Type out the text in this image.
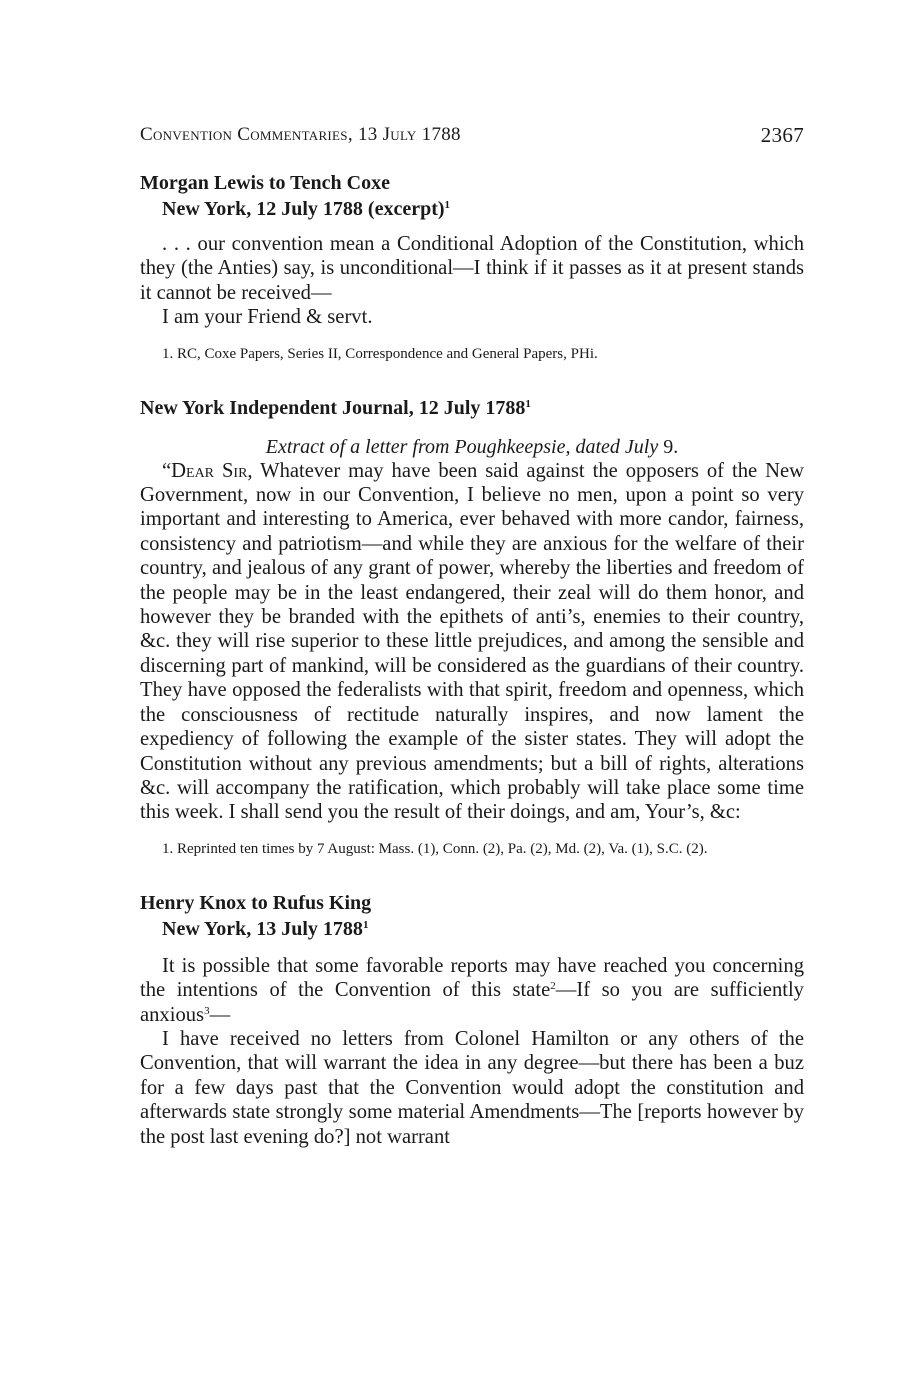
Convention Commentaries, 13 July 1788	2367
Morgan Lewis to Tench Coxe
New York, 12 July 1788 (excerpt)$^1$

. . . our convention mean a Conditional Adoption of the Constitution, which they (the Anties) say, is unconditional—I think if it passes as it at present stands it cannot be received—

I am your Friend & servt.

1. RC, Coxe Papers, Series II, Correspondence and General Papers, PHi.

New York Independent Journal, 12 July 1788$^1$

Extract of a letter from Poughkeepsie, dated July 9.

“Dear Sir, Whatever may have been said against the opposers of the New Government, now in our Convention, I believe no men, upon a point so very important and interesting to America, ever behaved with more candor, fairness, consistency and patriotism—and while they are anxious for the welfare of their country, and jealous of any grant of power, whereby the liberties and freedom of the people may be in the least endangered, their zeal will do them honor, and however they be branded with the epithets of anti’s, enemies to their country, &c. they will rise superior to these little prejudices, and among the sensible and discerning part of mankind, will be considered as the guardians of their country. They have opposed the federalists with that spirit, freedom and openness, which the consciousness of rectitude naturally inspires, and now lament the expediency of following the example of the sister states. They will adopt the Constitution without any previous amendments; but a bill of rights, alterations &c. will accompany the ratification, which probably will take place some time this week. I shall send you the result of their doings, and am, Your’s, &c:

1. Reprinted ten times by 7 August: Mass. (1), Conn. (2), Pa. (2), Md. (2), Va. (1), S.C. (2).

Henry Knox to Rufus King
New York, 13 July 1788$^1$

It is possible that some favorable reports may have reached you concerning the intentions of the Convention of this state$^2$—If so you are sufficiently anxious$^3$—

I have received no letters from Colonel Hamilton or any others of the Convention, that will warrant the idea in any degree—but there has been a buz for a few days past that the Convention would adopt the constitution and afterwards state strongly some material Amendments—The [reports however by the post last evening do?] not warrant
